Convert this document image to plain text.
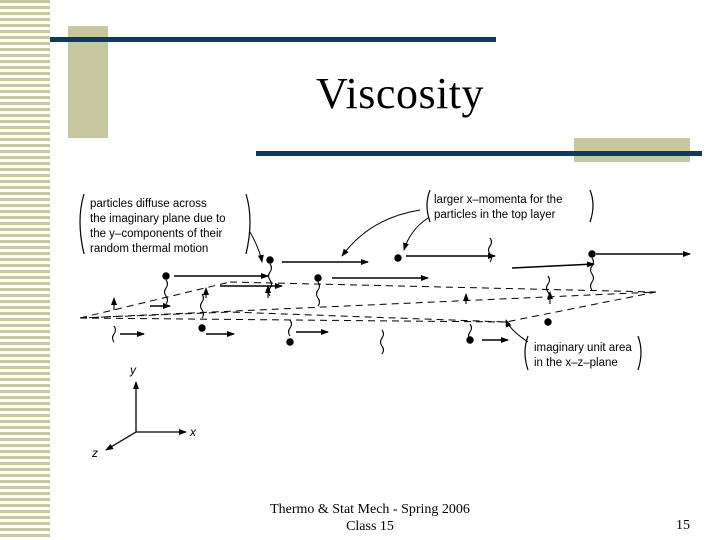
Viscosity
particles diffuse across
the imaginary plane due to
the y–components of their
random thermal motion
larger x–momenta for the
particles in the top layer
imaginary unit area
in the x–z–plane
y
x
z
Thermo & Stat Mech - Spring 2006
Class 15	15
